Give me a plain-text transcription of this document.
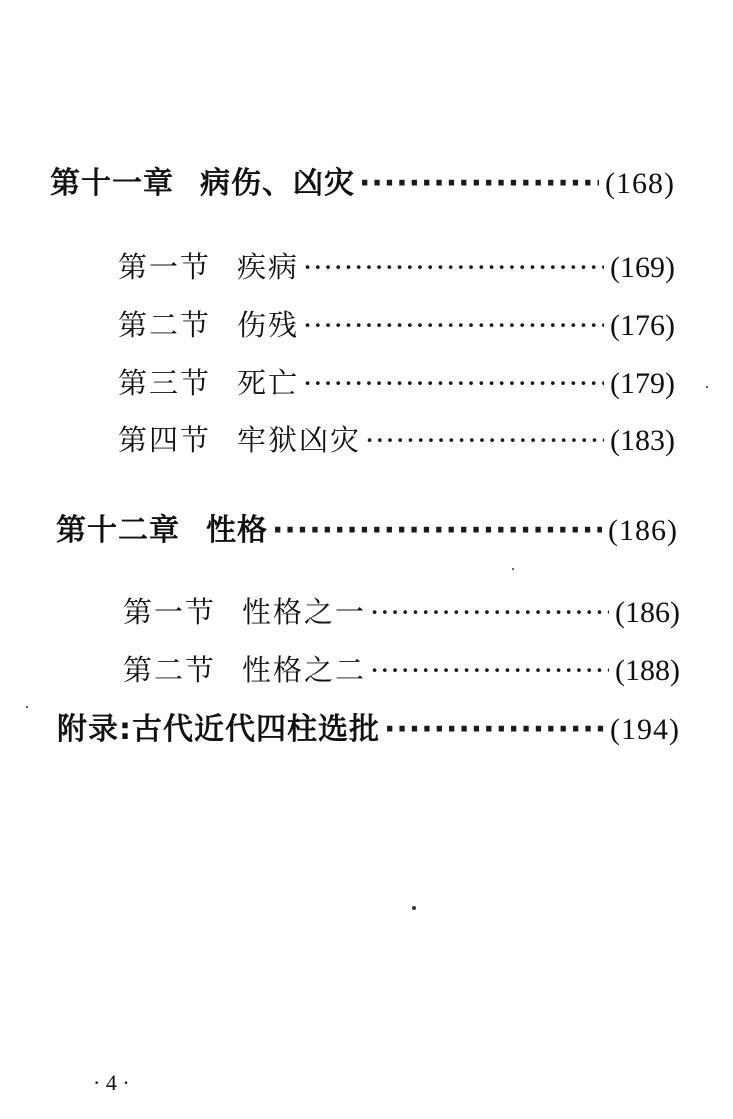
第十一章 病伤、凶灾 ·····	(168)
第一节 疾病 ·····	(169)
第二节 伤残 ·····	(176)
第三节 死亡 ·····	(179)
第四节 牢狱凶灾 ·····	(183)
第十二章 性格 ·····	(186)
第一节 性格之一 ·····	(186)
第二节 性格之二 ·····	(188)
附录:古代近代四柱选批 ·····	(194)
· 4 ·
